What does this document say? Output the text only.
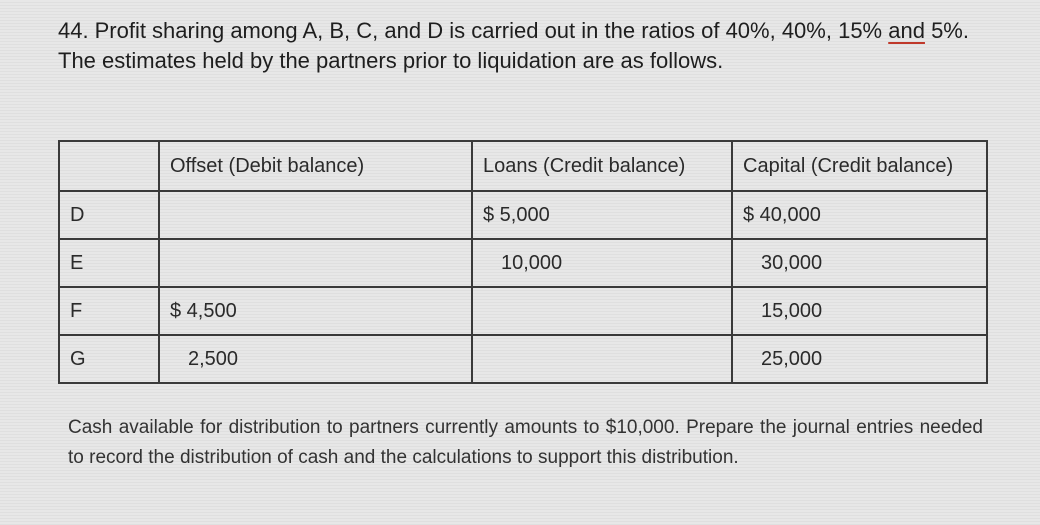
44. Profit sharing among A, B, C, and D is carried out in the ratios of 40%, 40%, 15% and 5%. The estimates held by the partners prior to liquidation are as follows.
	Offset (Debit balance)	Loans (Credit balance)	Capital (Credit balance)
D		$ 5,000	$ 40,000
E		10,000	30,000
F	$ 4,500		15,000
G	2,500		25,000
Cash available for distribution to partners currently amounts to $10,000. Prepare the journal entries needed to record the distribution of cash and the calculations to support this distribution.
